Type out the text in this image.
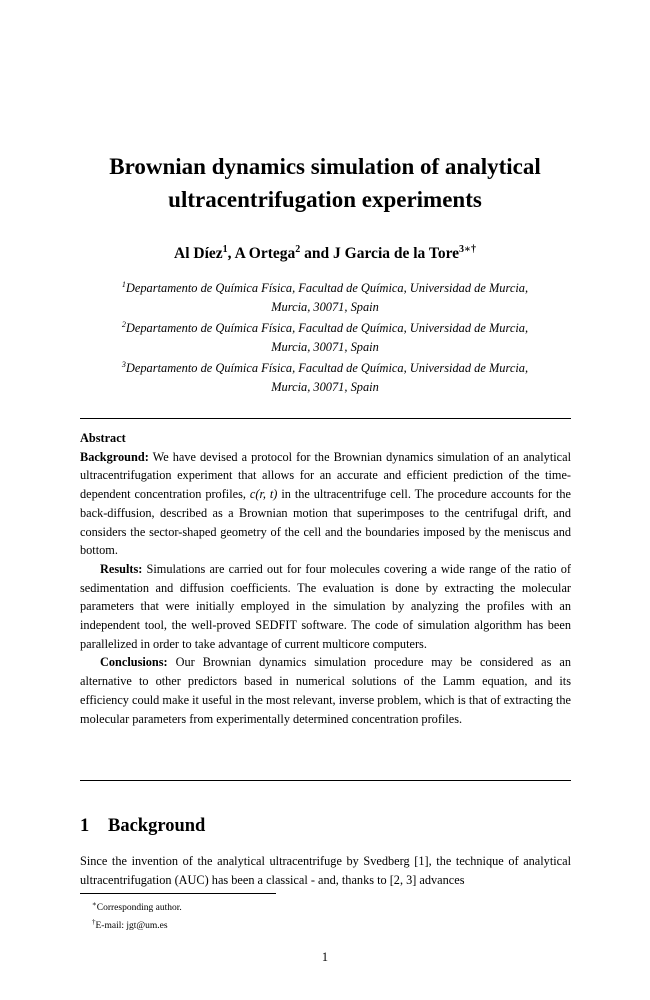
Brownian dynamics simulation of analytical
ultracentrifugation experiments
Al Díez$^1$, A Ortega$^2$ and J Garcia de la Tore$^{3∗\dagger}$
$^1$Departamento de Química Física, Facultad de Química, Universidad de Murcia,
Murcia, 30071, Spain
$^2$Departamento de Química Física, Facultad de Química, Universidad de Murcia,
Murcia, 30071, Spain
$^3$Departamento de Química Física, Facultad de Química, Universidad de Murcia,
Murcia, 30071, Spain

Abstract

Background: We have devised a protocol for the Brownian dynamics simulation of an analytical ultracentrifugation experiment that allows for an accurate and efficient prediction of the time-dependent concentration profiles, c(r, t) in the ultracentrifuge cell. The procedure accounts for the back-diffusion, described as a Brownian motion that superimposes to the centrifugal drift, and considers the sector-shaped geometry of the cell and the boundaries imposed by the meniscus and bottom.

Results: Simulations are carried out for four molecules covering a wide range of the ratio of sedimentation and diffusion coefficients. The evaluation is done by extracting the molecular parameters that were initially employed in the simulation by analyzing the profiles with an independent tool, the well-proved SEDFIT software. The code of simulation algorithm has been parallelized in order to take advantage of current multicore computers.

Conclusions: Our Brownian dynamics simulation procedure may be considered as an alternative to other predictors based in numerical solutions of the Lamm equation, and its efficiency could make it useful in the most relevant, inverse problem, which is that of extracting the molecular parameters from experimentally determined concentration profiles.

1 Background

Since the invention of the analytical ultracentrifuge by Svedberg [1], the technique of analytical ultracentrifugation (AUC) has been a classical - and, thanks to [2, 3] advances

∗Corresponding author.
†E-mail: jgt@um.es
1
